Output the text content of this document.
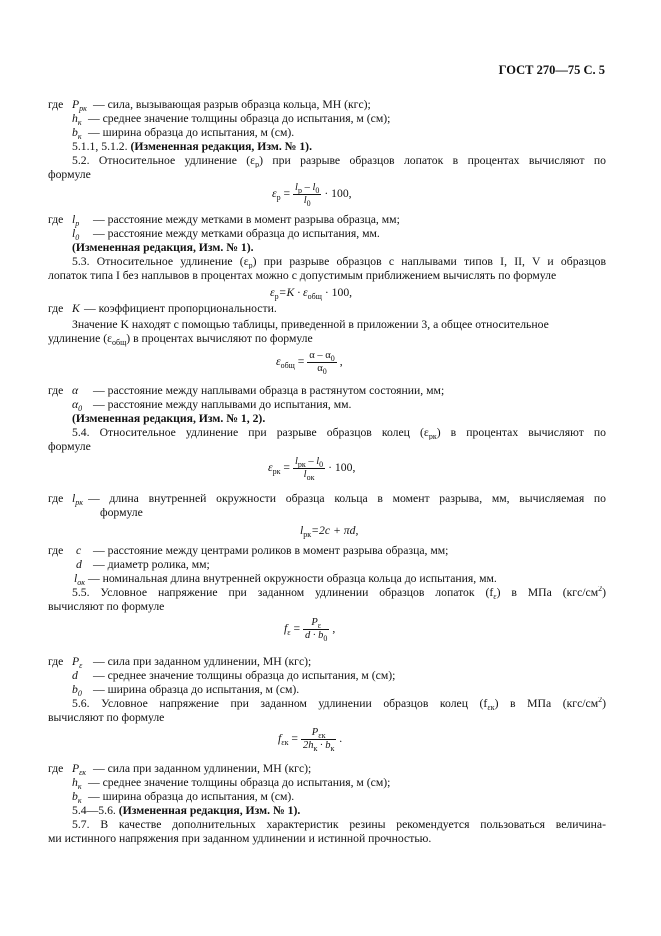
ГОСТ 270—75 С. 5
где $P_{рк}$ — сила, вызывающая разрыв образца кольца, МН (кгс);
$h_к$ — среднее значение толщины образца до испытания, м (см);
$b_к$ — ширина образца до испытания, м (см).
5.1.1, 5.1.2. (Измененная редакция, Изм. № 1).
5.2. Относительное удлинение $(\varepsilon_р)$ при разрыве образцов лопаток в процентах вычисляют по
формуле
$\varepsilon_р = \frac{l_р - l_0}{l_0} \cdot 100$,
где $l_р$ — расстояние между метками в момент разрыва образца, мм;
$l_0$ — расстояние между метками образца до испытания, мм.
(Измененная редакция, Изм. № 1).
5.3. Относительное удлинение $(\varepsilon_р)$ при разрыве образцов с наплывами типов I, II, V и образцов
лопаток типа I без наплывов в процентах можно с допустимым приближением вычислять по формуле
$\varepsilon_р=K \cdot \varepsilon_{общ} \cdot 100$,
где K — коэффициент пропорциональности.
Значение K находят с помощью таблицы, приведенной в приложении 3, а общее относительное
удлинение $(\varepsilon_{общ})$ в процентах вычисляют по формуле
$\varepsilon_{общ} = \frac{\alpha - \alpha_0}{\alpha_0}$ ,
где α — расстояние между наплывами образца в растянутом состоянии, мм;
$\alpha_0$ — расстояние между наплывами до испытания, мм.
(Измененная редакция, Изм. № 1, 2).
5.4. Относительное удлинение при разрыве образцов колец $(\varepsilon_{рк})$ в процентах вычисляют по
формуле
$\varepsilon_{рк} = \frac{l_{рк} - l_0}{l_{ок}} \cdot 100$,
где $l_{рк}$ — длина внутренней окружности образца кольца в момент разрыва, мм, вычисляемая по
формуле
$l_{рк}=2c + \pi d$,
где c — расстояние между центрами роликов в момент разрыва образца, мм;
d — диаметр ролика, мм;
$l_{ок}$ — номинальная длина внутренней окружности образца кольца до испытания, мм.
5.5. Условное напряжение при заданном удлинении образцов лопаток $(f_\varepsilon)$ в МПа $(кгс/см^2)$
вычисляют по формуле
$f_\varepsilon = \frac{P_\varepsilon}{d \cdot b_0}$ ,
где $P_\varepsilon$ — сила при заданном удлинении, МН (кгс);
d — среднее значение толщины образца до испытания, м (см);
$b_0$ — ширина образца до испытания, м (см).
5.6. Условное напряжение при заданном удлинении образцов колец $(f_{\varepsilon к})$ в МПа $(кгс/см^2)$
вычисляют по формуле
$f_{\varepsilon к} = \frac{P_{\varepsilon к}}{2h_к \cdot b_к}$ .
где $P_{\varepsilon к}$ — сила при заданном удлинении, МН (кгс);
$h_к$ — среднее значение толщины образца до испытания, м (см);
$b_к$ — ширина образца до испытания, м (см).
5.4—5.6. (Измененная редакция, Изм. № 1).
5.7. В качестве дополнительных характеристик резины рекомендуется пользоваться величина-
ми истинного напряжения при заданном удлинении и истинной прочностью.
